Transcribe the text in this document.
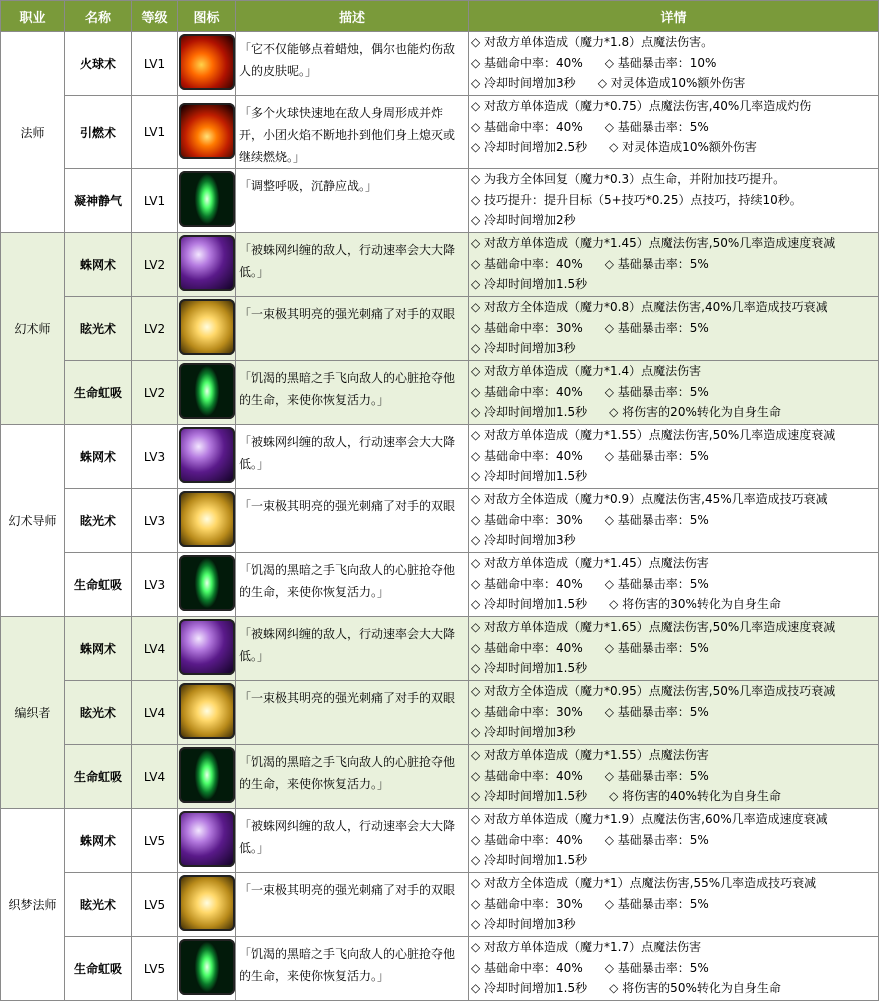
职业	名称	等级	图标	描述	详情
法师	火球术	LV1		「它不仅能够点着蜡烛，偶尔也能灼伤敌人的皮肤呢。」	◇ 对敌方单体造成（魔力*1.8）点魔法伤害。
◇ 基础命中率：40% ◇ 基础暴击率：10%
◇ 冷却时间增加3秒 ◇ 对灵体造成10%额外伤害

	引燃术	LV1		「多个火球快速地在敌人身周形成并炸开，小团火焰不断地扑到他们身上熄灭或继续燃烧。」	◇ 对敌方单体造成（魔力*0.75）点魔法伤害,40%几率造成灼伤
◇ 基础命中率：40% ◇ 基础暴击率：5%
◇ 冷却时间增加2.5秒 ◇ 对灵体造成10%额外伤害

	凝神静气	LV1		「调整呼吸，沉静应战。」	◇ 为我方全体回复（魔力*0.3）点生命，并附加技巧提升。
◇ 技巧提升：提升目标（5+技巧*0.25）点技巧，持续10秒。
◇ 冷却时间增加2秒

幻术师	蛛网术	LV2		「被蛛网纠缠的敌人，行动速率会大大降低。」	◇ 对敌方单体造成（魔力*1.45）点魔法伤害,50%几率造成速度衰减
◇ 基础命中率：40% ◇ 基础暴击率：5%
◇ 冷却时间增加1.5秒

	眩光术	LV2		「一束极其明亮的强光刺痛了对手的双眼	◇ 对敌方全体造成（魔力*0.8）点魔法伤害,40%几率造成技巧衰减
◇ 基础命中率：30% ◇ 基础暴击率：5%
◇ 冷却时间增加3秒

	生命虹吸	LV2		「饥渴的黑暗之手飞向敌人的心脏抢夺他的生命，来使你恢复活力。」	◇ 对敌方单体造成（魔力*1.4）点魔法伤害
◇ 基础命中率：40% ◇ 基础暴击率：5%
◇ 冷却时间增加1.5秒 ◇ 将伤害的20%转化为自身生命

幻术导师	蛛网术	LV3		「被蛛网纠缠的敌人，行动速率会大大降低。」	◇ 对敌方单体造成（魔力*1.55）点魔法伤害,50%几率造成速度衰减
◇ 基础命中率：40% ◇ 基础暴击率：5%
◇ 冷却时间增加1.5秒

	眩光术	LV3		「一束极其明亮的强光刺痛了对手的双眼	◇ 对敌方全体造成（魔力*0.9）点魔法伤害,45%几率造成技巧衰减
◇ 基础命中率：30% ◇ 基础暴击率：5%
◇ 冷却时间增加3秒

	生命虹吸	LV3		「饥渴的黑暗之手飞向敌人的心脏抢夺他的生命，来使你恢复活力。」	◇ 对敌方单体造成（魔力*1.45）点魔法伤害
◇ 基础命中率：40% ◇ 基础暴击率：5%
◇ 冷却时间增加1.5秒 ◇ 将伤害的30%转化为自身生命

编织者	蛛网术	LV4		「被蛛网纠缠的敌人，行动速率会大大降低。」	◇ 对敌方单体造成（魔力*1.65）点魔法伤害,50%几率造成速度衰减
◇ 基础命中率：40% ◇ 基础暴击率：5%
◇ 冷却时间增加1.5秒

	眩光术	LV4		「一束极其明亮的强光刺痛了对手的双眼	◇ 对敌方全体造成（魔力*0.95）点魔法伤害,50%几率造成技巧衰减
◇ 基础命中率：30% ◇ 基础暴击率：5%
◇ 冷却时间增加3秒

	生命虹吸	LV4		「饥渴的黑暗之手飞向敌人的心脏抢夺他的生命，来使你恢复活力。」	◇ 对敌方单体造成（魔力*1.55）点魔法伤害
◇ 基础命中率：40% ◇ 基础暴击率：5%
◇ 冷却时间增加1.5秒 ◇ 将伤害的40%转化为自身生命

织梦法师	蛛网术	LV5		「被蛛网纠缠的敌人，行动速率会大大降低。」	◇ 对敌方单体造成（魔力*1.9）点魔法伤害,60%几率造成速度衰减
◇ 基础命中率：40% ◇ 基础暴击率：5%
◇ 冷却时间增加1.5秒

	眩光术	LV5		「一束极其明亮的强光刺痛了对手的双眼	◇ 对敌方全体造成（魔力*1）点魔法伤害,55%几率造成技巧衰减
◇ 基础命中率：30% ◇ 基础暴击率：5%
◇ 冷却时间增加3秒

	生命虹吸	LV5		「饥渴的黑暗之手飞向敌人的心脏抢夺他的生命，来使你恢复活力。」	◇ 对敌方单体造成（魔力*1.7）点魔法伤害
◇ 基础命中率：40% ◇ 基础暴击率：5%
◇ 冷却时间增加1.5秒 ◇ 将伤害的50%转化为自身生命
